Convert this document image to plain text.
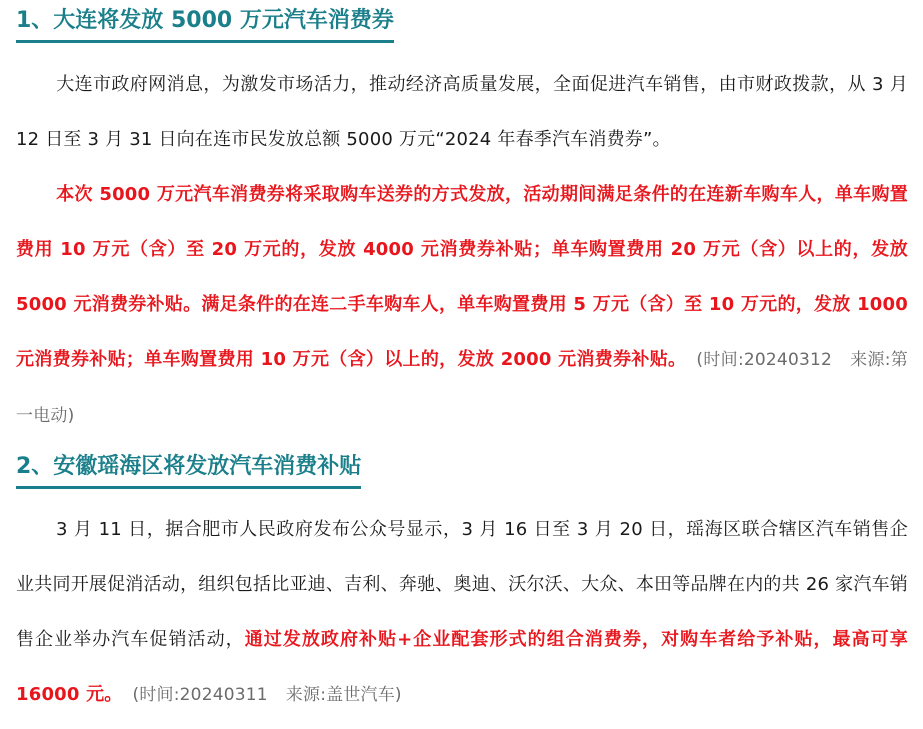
1、大连将发放 5000 万元汽车消费券
大连市政府网消息，为激发市场活力，推动经济高质量发展，全面促进汽车销售，由市财政拨款，从 3 月 12 日至 3 月 31 日向在连市民发放总额 5000 万元“2024 年春季汽车消费券”。
本次 5000 万元汽车消费券将采取购车送券的方式发放，活动期间满足条件的在连新车购车人，单车购置费用 10 万元（含）至 20 万元的，发放 4000 元消费券补贴；单车购置费用 20 万元（含）以上的，发放 5000 元消费券补贴。满足条件的在连二手车购车人，单车购置费用 5 万元（含）至 10 万元的，发放 1000 元消费券补贴；单车购置费用 10 万元（含）以上的，发放 2000 元消费券补贴。 (时间:20240312 来源:第一电动)
2、安徽瑶海区将发放汽车消费补贴
3 月 11 日，据合肥市人民政府发布公众号显示，3 月 16 日至 3 月 20 日，瑶海区联合辖区汽车销售企业共同开展促消活动，组织包括比亚迪、吉利、奔驰、奥迪、沃尔沃、大众、本田等品牌在内的共 26 家汽车销售企业举办汽车促销活动，通过发放政府补贴+企业配套形式的组合消费券，对购车者给予补贴，最高可享 16000 元。 (时间:20240311 来源:盖世汽车)
